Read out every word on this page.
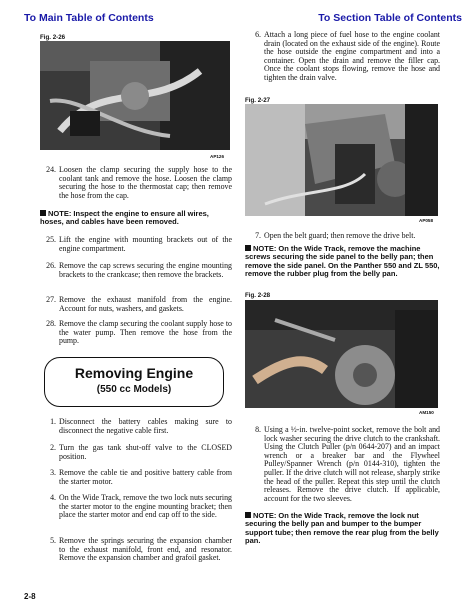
To Main Table of Contents	To Section Table of Contents
Fig. 2-26
AP126
24. Loosen the clamp securing the supply hose to the coolant tank and remove the hose. Loosen the clamp securing the hose to the thermostat cap; then remove the hose from the cap.
NOTE: Inspect the engine to ensure all wires, hoses, and cables have been removed.
25. Lift the engine with mounting brackets out of the engine compartment.
26. Remove the cap screws securing the engine mounting brackets to the crankcase; then remove the brackets.
27. Remove the exhaust manifold from the engine. Account for nuts, washers, and gaskets.
28. Remove the clamp securing the coolant supply hose to the water pump. Then remove the hose from the pump.
Removing Engine
(550 cc Models)
1. Disconnect the battery cables making sure to disconnect the negative cable first.
2. Turn the gas tank shut-off valve to the CLOSED position.
3. Remove the cable tie and positive battery cable from the starter motor.
4. On the Wide Track, remove the two lock nuts securing the starter motor to the engine mounting bracket; then place the starter motor and end cap off to the side.
5. Remove the springs securing the expansion chamber to the exhaust manifold, front end, and resonator. Remove the expansion chamber and grafoil gasket.
2-8
6. Attach a long piece of fuel hose to the engine coolant drain (located on the exhaust side of the engine). Route the hose outside the engine compartment and into a container. Open the drain and remove the filler cap. Once the coolant stops flowing, remove the hose and tighten the drain valve.
Fig. 2-27
AP058
7. Open the belt guard; then remove the drive belt.
NOTE: On the Wide Track, remove the machine screws securing the side panel to the belly pan; then remove the side panel. On the Panther 550 and ZL 550, remove the rubber plug from the belly pan.
Fig. 2-28
AM150
8. Using a ½-in. twelve-point socket, remove the bolt and lock washer securing the drive clutch to the crankshaft. Using the Clutch Puller (p/n 0644-207) and an impact wrench or a breaker bar and the Flywheel Pulley/Spanner Wrench (p/n 0144-310), tighten the puller. If the drive clutch will not release, sharply strike the head of the puller. Repeat this step until the clutch releases. Remove the drive clutch. If applicable, account for the two sleeves.
NOTE: On the Wide Track, remove the lock nut securing the belly pan and bumper to the bumper support tube; then remove the rear plug from the belly pan.
